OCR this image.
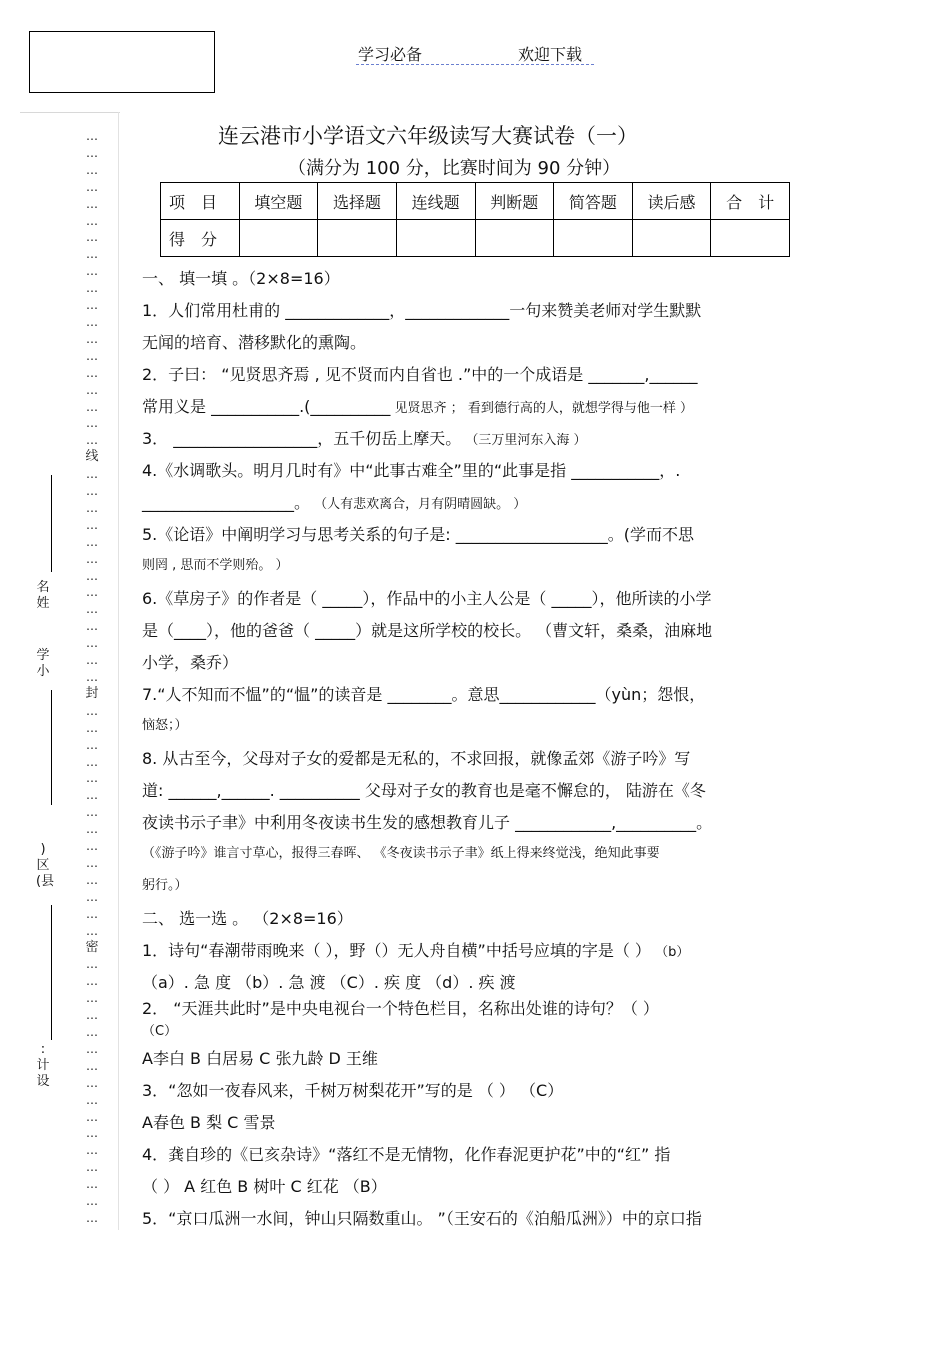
学习必备	欢迎下载
…
…
…
…
…
…
…
…
…
…
…
…
…
…
…
…
…
…
…
线
…
…
…
…
…
…
…
…
…
…
…
…
…
封
…
…
…
…
…
…
…
…
…
…
…
…
…
…
密
…
…
…
…
…
…
…
…
…
…
…
…
…
…
…
…
名姓
学小
)区(县
:计设
连云港市小学语文六年级读写大赛试卷（一）
（满分为 100 分，比赛时间为 90 分钟）
项　目	填空题	选择题	连线题	判断题	简答题	读后感	合　计
得　分							
一、 填一填 。（2×8=16）
1．人们常用杜甫的 _____________，_____________一句来赞美老师对学生默默
无闻的培育、潜移默化的熏陶。
2．子曰： “见贤思齐焉 , 见不贤而内自省也 .”中的一个成语是 _______,______
常用义是 ___________.(__________ 见贤思齐 ； 看到德行高的人，就想学得与他一样 ）
3． __________________，五千仞岳上摩天。 （三万里河东入海 ）
4.《水调歌头。明月几时有》中“此事古难全”里的“此事是指 ___________，.
___________________。 （人有悲欢离合，月有阴晴圆缺。 ）
5.《论语》中阐明学习与思考关系的句子是: ___________________。(学而不思
则罔 , 思而不学则殆。 ）
6.《草房子》的作者是（ _____），作品中的小主人公是（ _____），他所读的小学
是（____），他的爸爸（ _____）就是这所学校的校长。 （曹文轩，桑桑，油麻地
小学，桑乔）
7.“人不知而不愠”的“愠”的读音是 ________。意思____________（yùn；怨恨，
恼怒；）
8. 从古至今，父母对子女的爱都是无私的，不求回报，就像孟郊《游子吟》写
道: ______,______. __________ 父母对子女的教育也是毫不懈怠的， 陆游在《冬
夜读书示子聿》中利用冬夜读书生发的感想教育儿子 ____________,__________。
（《游子吟》谁言寸草心，报得三春晖、 《冬夜读书示子聿》纸上得来终觉浅，绝知此事要
躬行。）
二、 选一选 。 （2×8=16）
1．诗句“春潮带雨晚来（ ），野（）无人舟自横”中括号应填的字是（ ） （b）
（a）. 急 度 （b）. 急 渡 （C）. 疾 度 （d）. 疾 渡
2． “天涯共此时”是中央电视台一个特色栏目，名称出处谁的诗句？（ ）
（C）
A李白 B 白居易 C 张九龄 D 王维
3．“忽如一夜春风来，千树万树梨花开”写的是 （ ） （C）
A春色 B 梨 C 雪景
4．龚自珍的《已亥杂诗》“落红不是无情物，化作春泥更护花”中的“红” 指
（ ） A 红色 B 树叶 C 红花 （B）
5．“京口瓜洲一水间，钟山只隔数重山。 ”（王安石的《泊船瓜洲》）中的京口指
